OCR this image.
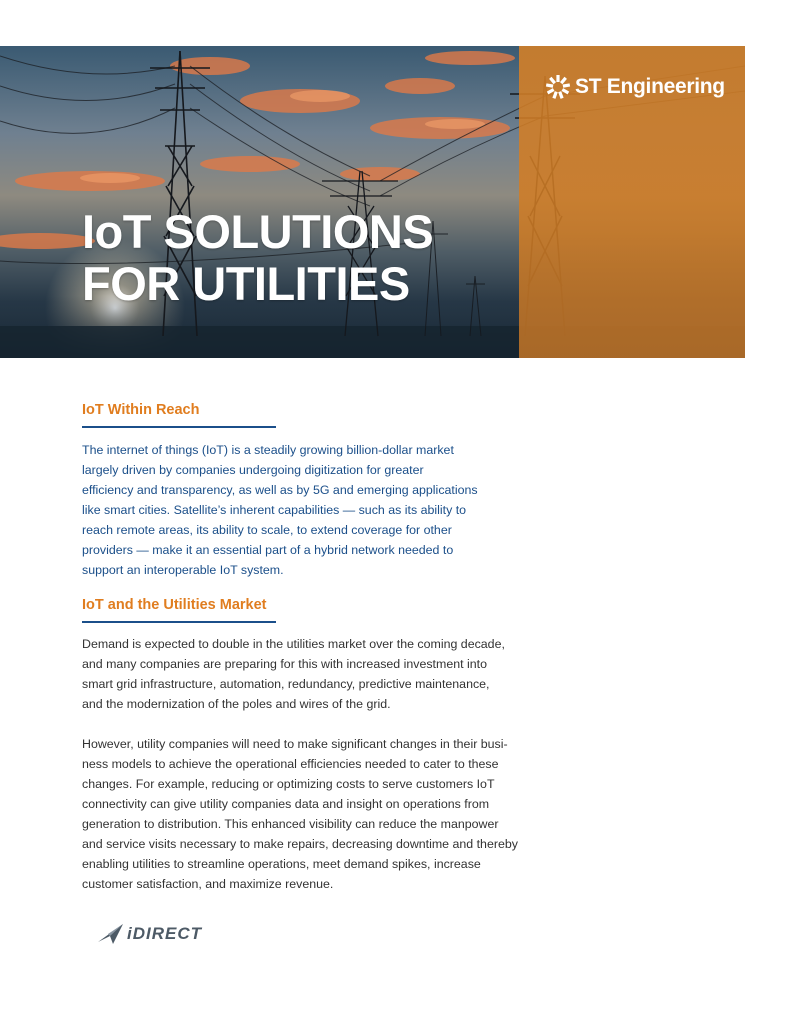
ST Engineering
IoT SOLUTIONS
FOR UTILITIES
IoT Within Reach

The internet of things (IoT) is a steadily growing billion-dollar market
largely driven by companies undergoing digitization for greater
efficiency and transparency, as well as by 5G and emerging applications
like smart cities. Satellite’s inherent capabilities — such as its ability to
reach remote areas, its ability to scale, to extend coverage for other
providers — make it an essential part of a hybrid network needed to
support an interoperable IoT system.

IoT and the Utilities Market

Demand is expected to double in the utilities market over the coming decade,
and many companies are preparing for this with increased investment into
smart grid infrastructure, automation, redundancy, predictive maintenance,
and the modernization of the poles and wires of the grid.

However, utility companies will need to make significant changes in their busi-
ness models to achieve the operational efficiencies needed to cater to these
changes. For example, reducing or optimizing costs to serve customers IoT
connectivity can give utility companies data and insight on operations from
generation to distribution. This enhanced visibility can reduce the manpower
and service visits necessary to make repairs, decreasing downtime and thereby
enabling utilities to streamline operations, meet demand spikes, increase
customer satisfaction, and maximize revenue.

iDIRECT
